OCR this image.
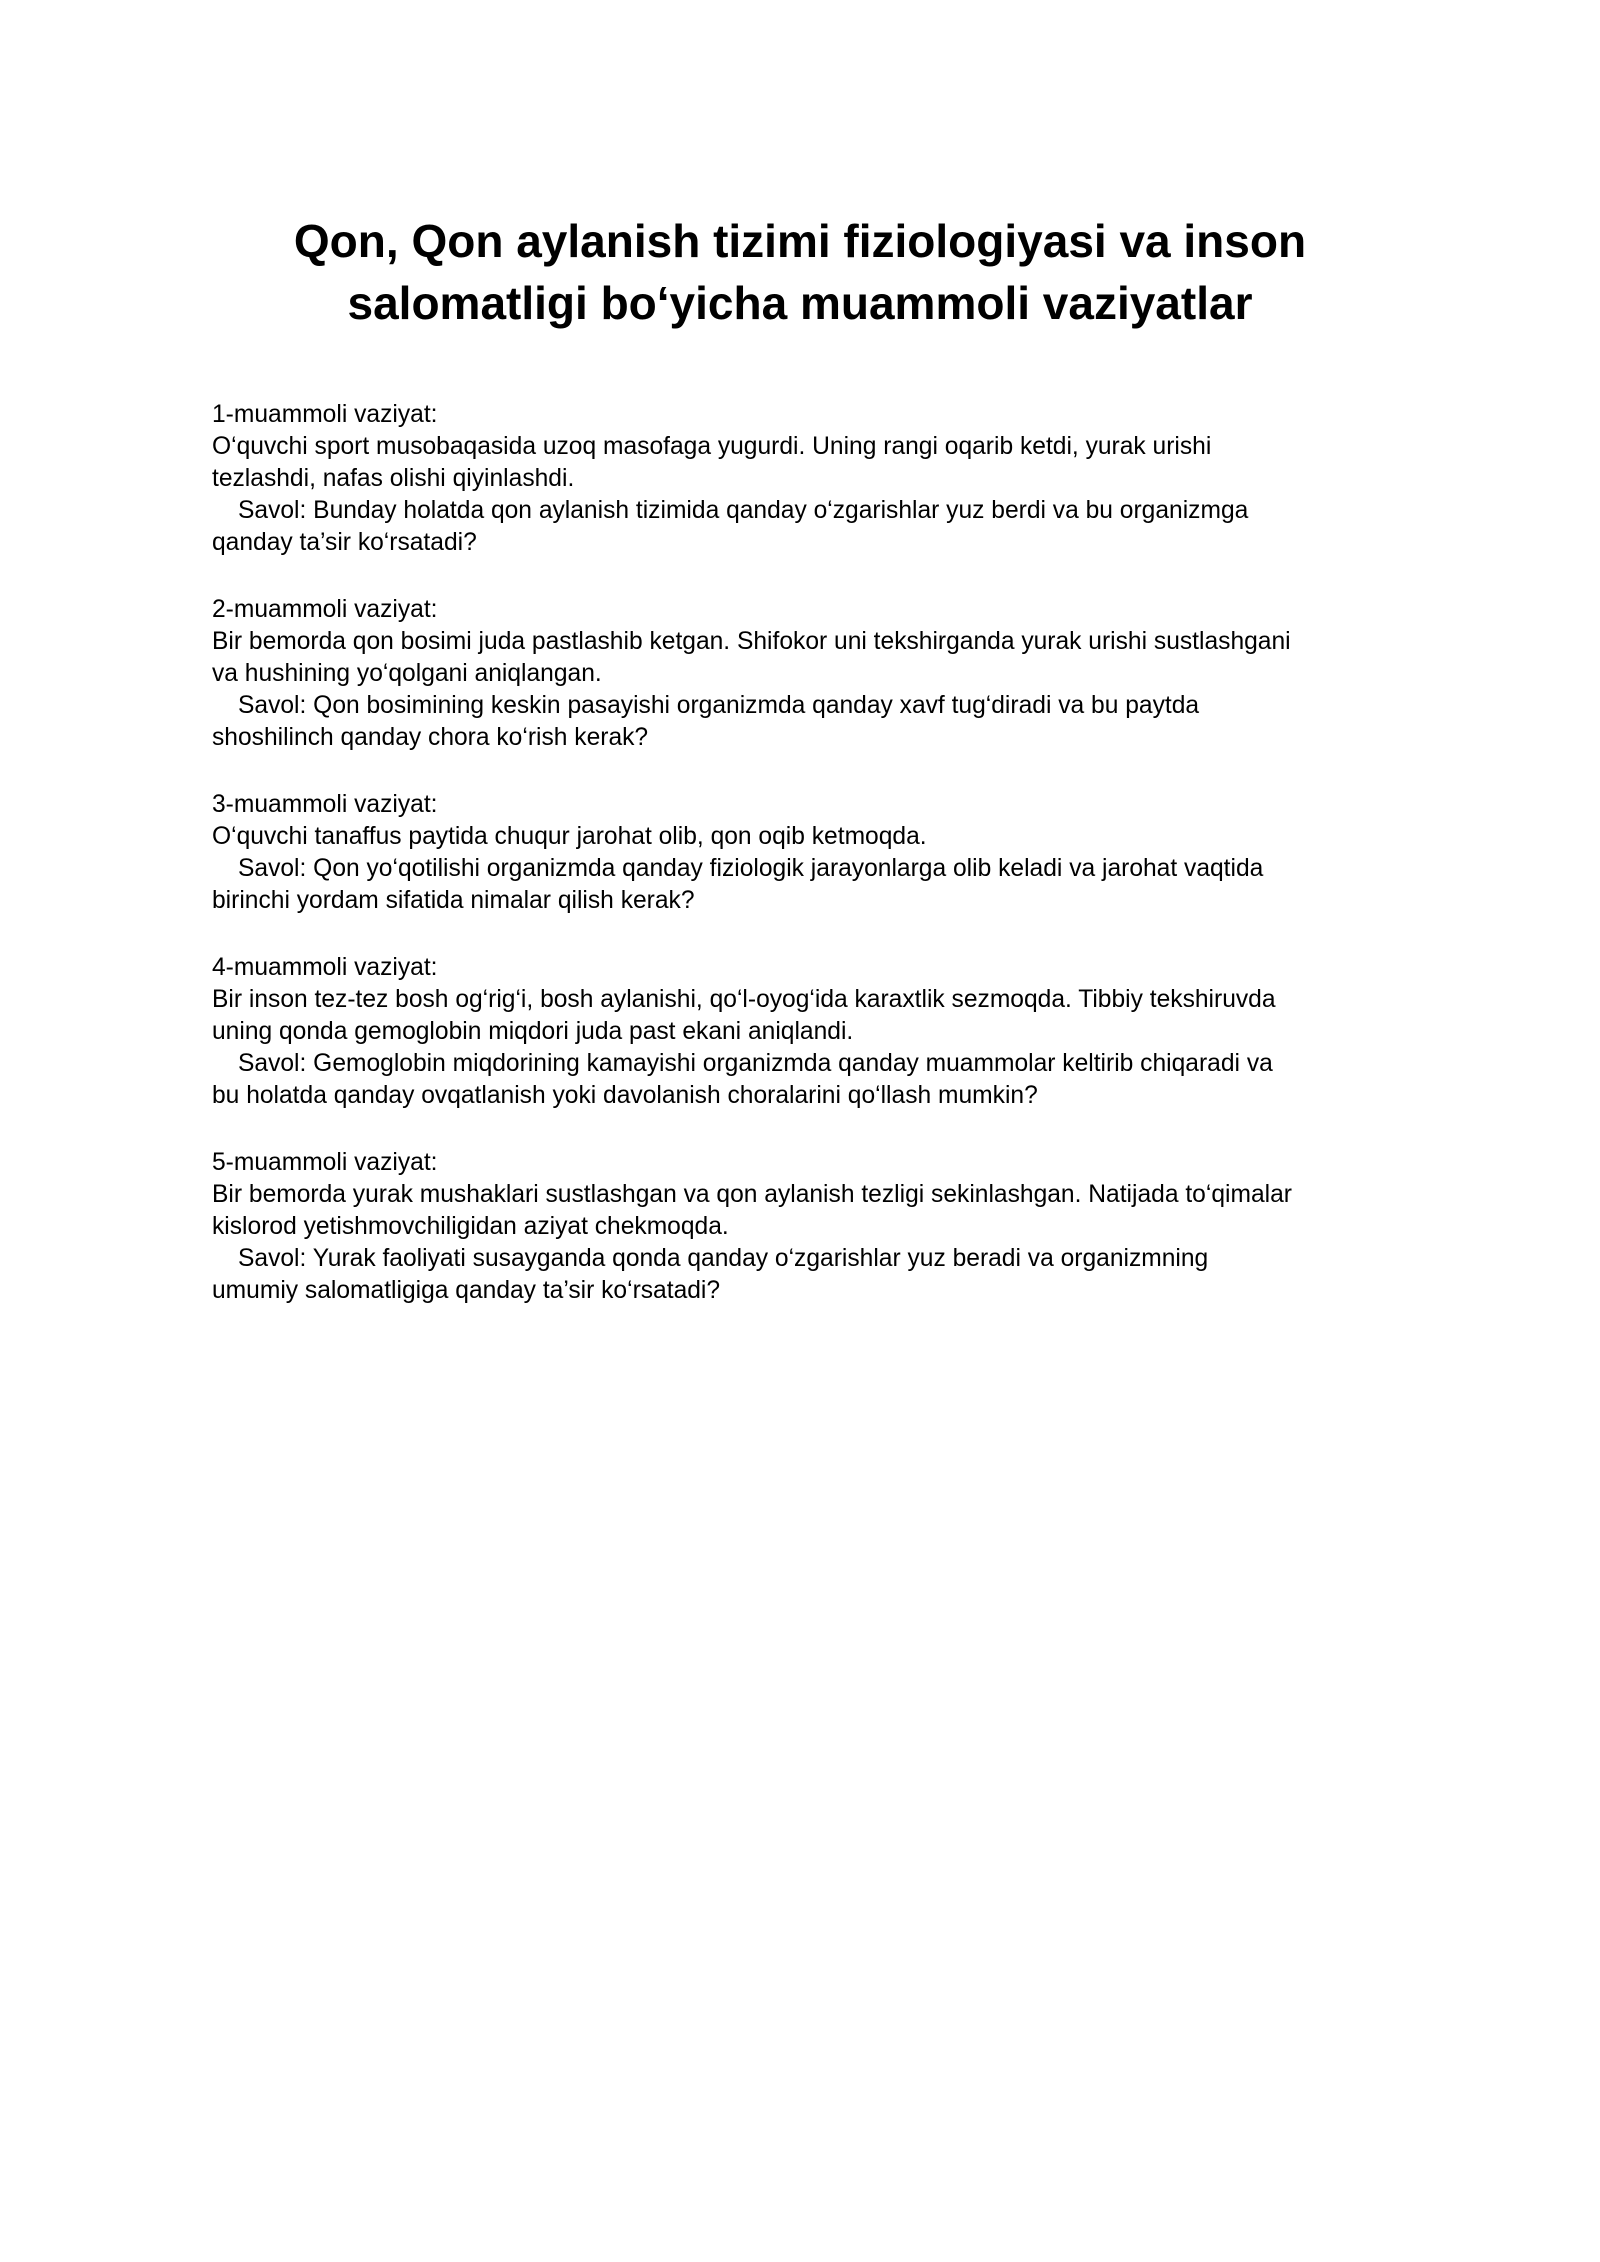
Qon, Qon aylanish tizimi fiziologiyasi va inson
salomatligi bo‘yicha muammoli vaziyatlar

1-muammoli vaziyat:

O‘quvchi sport musobaqasida uzoq masofaga yugurdi. Uning rangi oqarib ketdi, yurak urishi
tezlashdi, nafas olishi qiyinlashdi.

Savol: Bunday holatda qon aylanish tizimida qanday o‘zgarishlar yuz berdi va bu organizmga
qanday ta’sir ko‘rsatadi?

2-muammoli vaziyat:

Bir bemorda qon bosimi juda pastlashib ketgan. Shifokor uni tekshirganda yurak urishi sustlashgani
va hushining yo‘qolgani aniqlangan.

Savol: Qon bosimining keskin pasayishi organizmda qanday xavf tug‘diradi va bu paytda
shoshilinch qanday chora ko‘rish kerak?

3-muammoli vaziyat:

O‘quvchi tanaffus paytida chuqur jarohat olib, qon oqib ketmoqda.

Savol: Qon yo‘qotilishi organizmda qanday fiziologik jarayonlarga olib keladi va jarohat vaqtida
birinchi yordam sifatida nimalar qilish kerak?

4-muammoli vaziyat:

Bir inson tez-tez bosh og‘rig‘i, bosh aylanishi, qo‘l-oyog‘ida karaxtlik sezmoqda. Tibbiy tekshiruvda
uning qonda gemoglobin miqdori juda past ekani aniqlandi.

Savol: Gemoglobin miqdorining kamayishi organizmda qanday muammolar keltirib chiqaradi va
bu holatda qanday ovqatlanish yoki davolanish choralarini qo‘llash mumkin?

5-muammoli vaziyat:

Bir bemorda yurak mushaklari sustlashgan va qon aylanish tezligi sekinlashgan. Natijada to‘qimalar
kislorod yetishmovchiligidan aziyat chekmoqda.

Savol: Yurak faoliyati susayganda qonda qanday o‘zgarishlar yuz beradi va organizmning
umumiy salomatligiga qanday ta’sir ko‘rsatadi?
